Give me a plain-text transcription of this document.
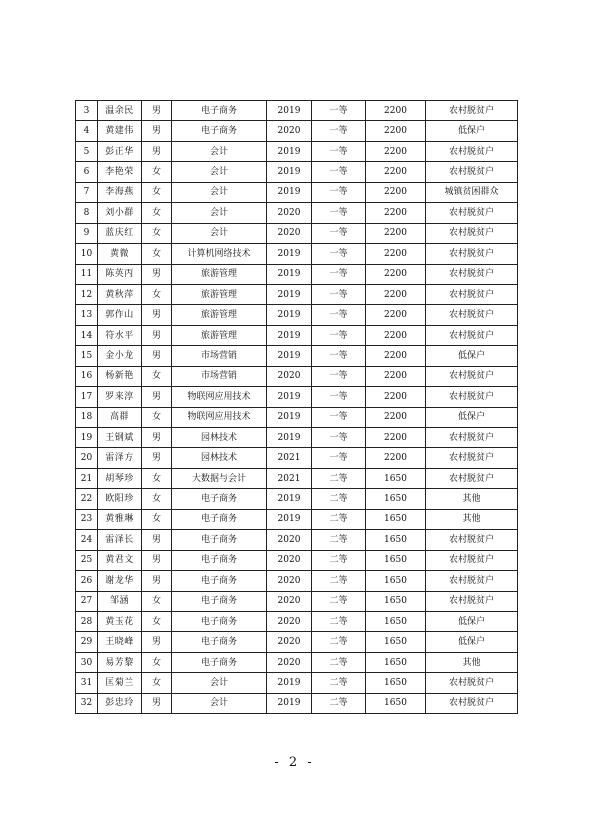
3	温余民	男	电子商务	2019	一等	2200	农村脱贫户
4	黄建伟	男	电子商务	2020	一等	2200	低保户
5	彭正华	男	会计	2019	一等	2200	农村脱贫户
6	李艳荣	女	会计	2019	一等	2200	农村脱贫户
7	李海燕	女	会计	2019	一等	2200	城镇贫困群众
8	刘小群	女	会计	2020	一等	2200	农村脱贫户
9	蓝庆红	女	会计	2020	一等	2200	农村脱贫户
10	黄微	女	计算机网络技术	2019	一等	2200	农村脱贫户
11	陈英丙	男	旅游管理	2019	一等	2200	农村脱贫户
12	黄秋萍	女	旅游管理	2019	一等	2200	农村脱贫户
13	郭作山	男	旅游管理	2019	一等	2200	农村脱贫户
14	符水平	男	旅游管理	2019	一等	2200	农村脱贫户
15	金小龙	男	市场营销	2019	一等	2200	低保户
16	杨新艳	女	市场营销	2020	一等	2200	农村脱贫户
17	罗来淳	男	物联网应用技术	2019	一等	2200	农村脱贫户
18	高群	女	物联网应用技术	2019	一等	2200	低保户
19	王钢斌	男	园林技术	2019	一等	2200	农村脱贫户
20	雷泽方	男	园林技术	2021	一等	2200	农村脱贫户
21	胡琴珍	女	大数据与会计	2021	二等	1650	农村脱贫户
22	欧阳珍	女	电子商务	2019	二等	1650	其他
23	黄雅琳	女	电子商务	2019	二等	1650	其他
24	雷泽长	男	电子商务	2020	二等	1650	农村脱贫户
25	黄君文	男	电子商务	2020	二等	1650	农村脱贫户
26	谢龙华	男	电子商务	2020	二等	1650	农村脱贫户
27	邹涵	女	电子商务	2020	二等	1650	农村脱贫户
28	黄玉花	女	电子商务	2020	二等	1650	低保户
29	王晓峰	男	电子商务	2020	二等	1650	低保户
30	易芳黎	女	电子商务	2020	二等	1650	其他
31	匡菊兰	女	会计	2019	二等	1650	农村脱贫户
32	彭忠玲	男	会计	2019	二等	1650	农村脱贫户
- 2 -
